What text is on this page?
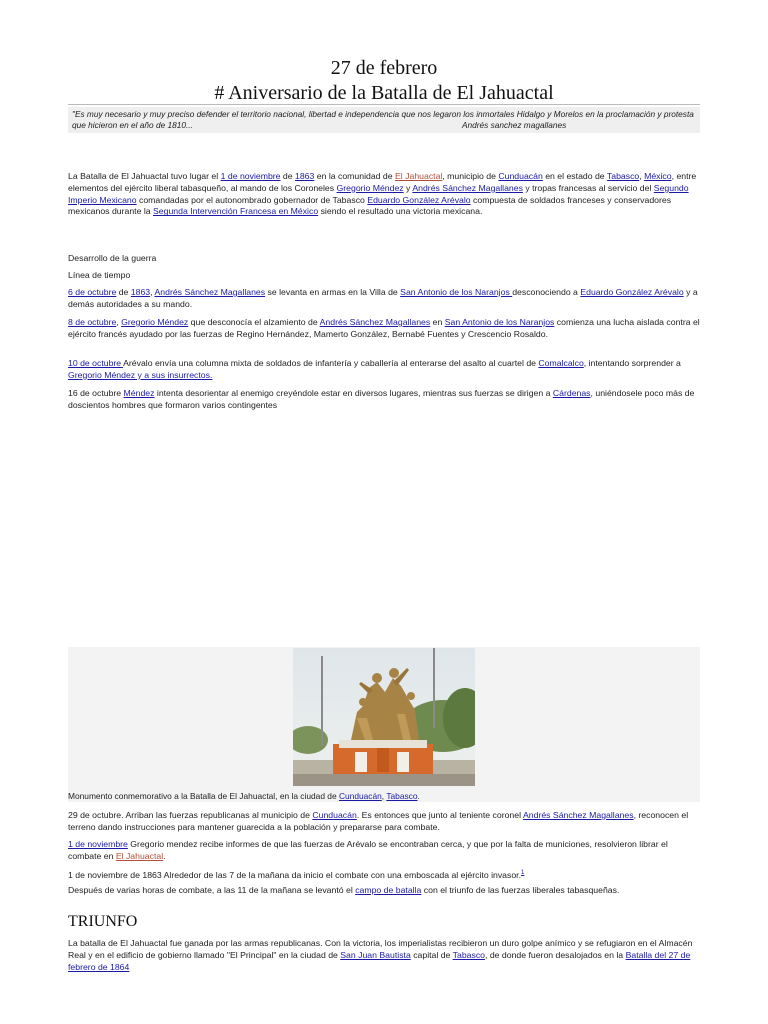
27 de febrero
# Aniversario de la Batalla de El Jahuactal
"Es muy necesario y muy preciso defender el territorio nacional, libertad e independencia que nos legaron los inmortales Hidalgo y Morelos en la proclamación y protesta que hicieron en el año de 1810...	Andrés sanchez magallanes

La Batalla de El Jahuactal tuvo lugar el 1 de noviembre de 1863 en la comunidad de El Jahuactal, municipio de Cunduacán en el estado de Tabasco, México, entre elementos del ejército liberal tabasqueño, al mando de los Coroneles Gregorio Méndez y Andrés Sánchez Magallanes y tropas francesas al servicio del Segundo Imperio Mexicano comandadas por el autonombrado gobernador de Tabasco Eduardo González Arévalo compuesta de soldados franceses y conservadores mexicanos durante la Segunda Intervención Francesa en México siendo el resultado una victoria mexicana.

Desarrollo de la guerra

Línea de tiempo

6 de octubre de 1863, Andrés Sánchez Magallanes se levanta en armas en la Villa de San Antonio de los Naranjos desconociendo a Eduardo González Arévalo y a demás autoridades a su mando.

8 de octubre, Gregorio Méndez que desconocía el alzamiento de Andrés Sánchez Magallanes en San Antonio de los Naranjos comienza una lucha aislada contra el ejército francés ayudado por las fuerzas de Regino Hernández, Mamerto González, Bernabé Fuentes y Crescencio Rosaldo.

10 de octubre Arévalo envía una columna mixta de soldados de infantería y caballería al enterarse del asalto al cuartel de Comalcalco, intentando sorprender a Gregorio Méndez y a sus insurrectos.

16 de octubre Méndez intenta desorientar al enemigo creyéndole estar en diversos lugares, mientras sus fuerzas se dirigen a Cárdenas, uniéndosele poco más de doscientos hombres que formaron varios contingentes

Monumento conmemorativo a la Batalla de El Jahuactal, en la ciudad de Cunduacán, Tabasco.

29 de octubre. Arriban las fuerzas republicanas al municipio de Cunduacán. Es entonces que junto al teniente coronel Andrés Sánchez Magallanes, reconocen el terreno dando instrucciones para mantener guarecida a la población y prepararse para combate.

1 de noviembre Gregorio mendez recibe informes de que las fuerzas de Arévalo se encontraban cerca, y que por la falta de municiones, resolvieron librar el combate en El Jahuactal.

1 de noviembre de 1863 Alrededor de las 7 de la mañana da inicio el combate con una emboscada al ejército invasor.$^1$

Después de varias horas de combate, a las 11 de la mañana se levantó el campo de batalla con el triunfo de las fuerzas liberales tabasqueñas.

TRIUNFO

La batalla de El Jahuactal fue ganada por las armas republicanas. Con la victoria, los imperialistas recibieron un duro golpe anímico y se refugiaron en el Almacén Real y en el edificio de gobierno llamado "El Principal" en la ciudad de San Juan Bautista capital de Tabasco, de donde fueron desalojados en la Batalla del 27 de febrero de 1864
